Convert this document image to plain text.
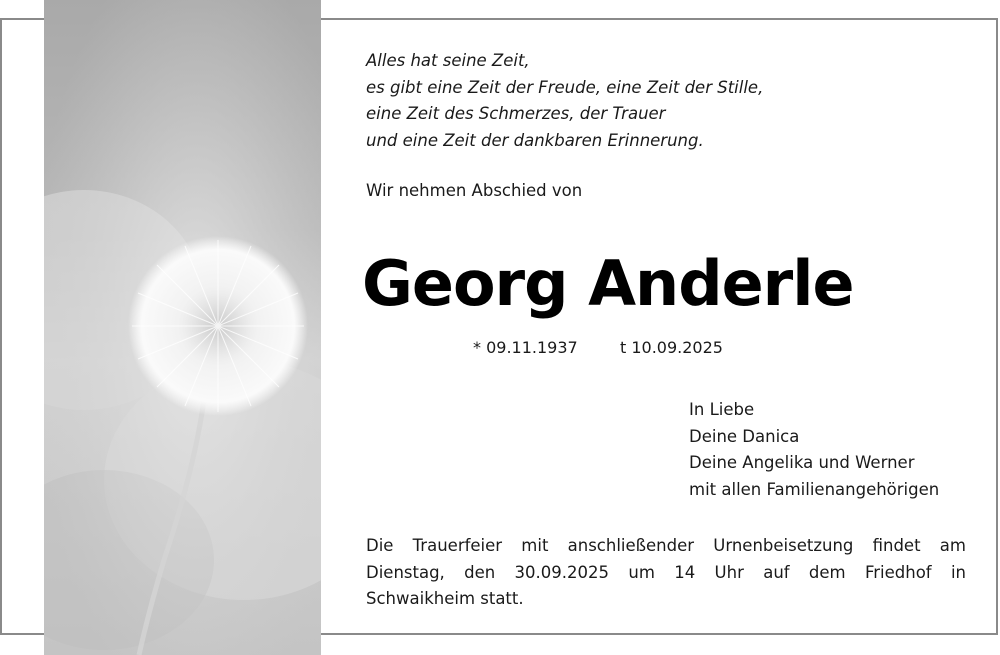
Alles hat seine Zeit,
es gibt eine Zeit der Freude, eine Zeit der Stille,
eine Zeit des Schmerzes, der Trauer
und eine Zeit der dankbaren Erinnerung.
Wir nehmen Abschied von
Georg Anderle
* 09.11.1937	t 10.09.2025
In Liebe
Deine Danica
Deine Angelika und Werner
mit allen Familienangehörigen
Die Trauerfeier mit anschließender Urnenbeisetzung findet am
Dienstag, den 30.09.2025 um 14 Uhr auf dem Friedhof in
Schwaikheim statt.
